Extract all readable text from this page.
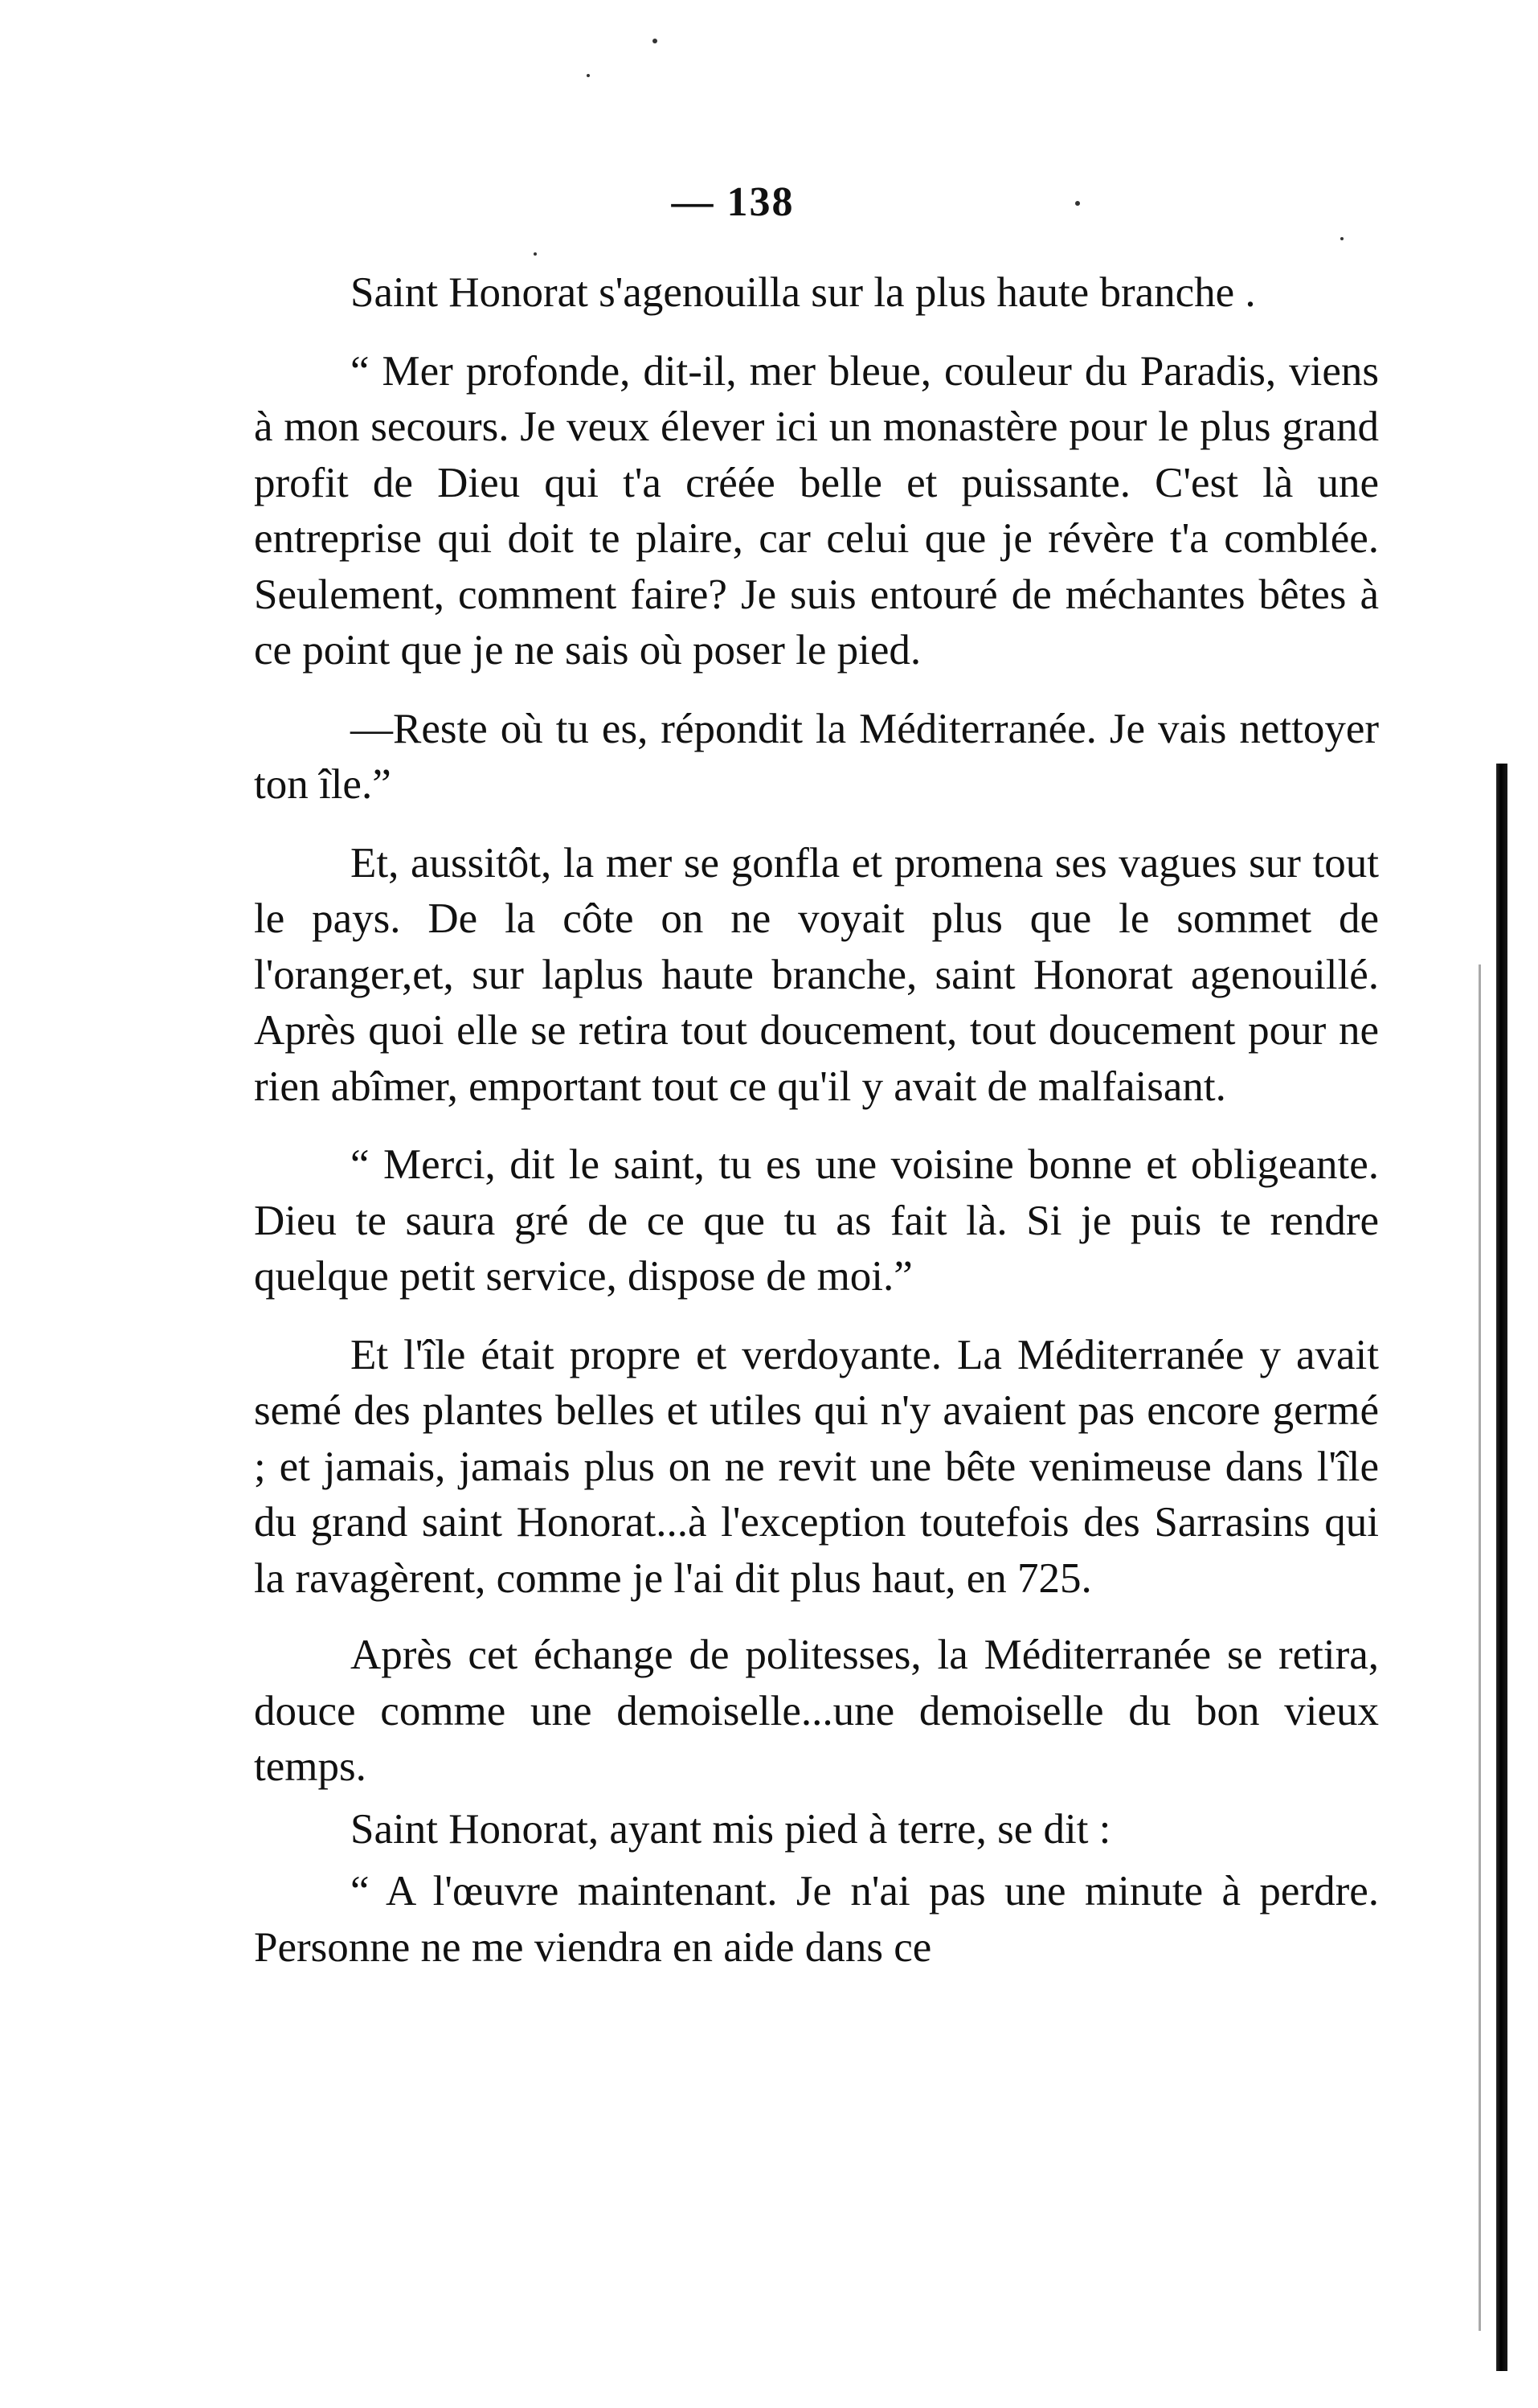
— 138

Saint Honorat s'agenouilla sur la plus haute branche .

“ Mer profonde, dit-il, mer bleue, couleur du Paradis, viens à mon secours. Je veux élever ici un monastère pour le plus grand profit de Dieu qui t'a créée belle et puissante. C'est là une entreprise qui doit te plaire, car celui que je révère t'a comblée. Seulement, comment faire? Je suis entouré de méchantes bêtes à ce point que je ne sais où poser le pied.

—Reste où tu es, répondit la Méditerranée. Je vais nettoyer ton île.”

Et, aussitôt, la mer se gonfla et promena ses vagues sur tout le pays. De la côte on ne voyait plus que le sommet de l'oranger,et, sur laplus haute branche, saint Honorat agenouillé. Après quoi elle se retira tout doucement, tout doucement pour ne rien abîmer, emportant tout ce qu'il y avait de malfaisant.

“ Merci, dit le saint, tu es une voisine bonne et obligeante. Dieu te saura gré de ce que tu as fait là. Si je puis te rendre quelque petit service, dispose de moi.”

Et l'île était propre et verdoyante. La Méditerranée y avait semé des plantes belles et utiles qui n'y avaient pas encore germé ; et jamais, jamais plus on ne revit une bête venimeuse dans l'île du grand saint Honorat...à l'exception toutefois des Sarrasins qui la ravagèrent, comme je l'ai dit plus haut, en 725.

Après cet échange de politesses, la Méditerranée se retira, douce comme une demoiselle...une demoiselle du bon vieux temps.

Saint Honorat, ayant mis pied à terre, se dit :

“ A l'œuvre maintenant. Je n'ai pas une minute à perdre. Personne ne me viendra en aide dans ce
